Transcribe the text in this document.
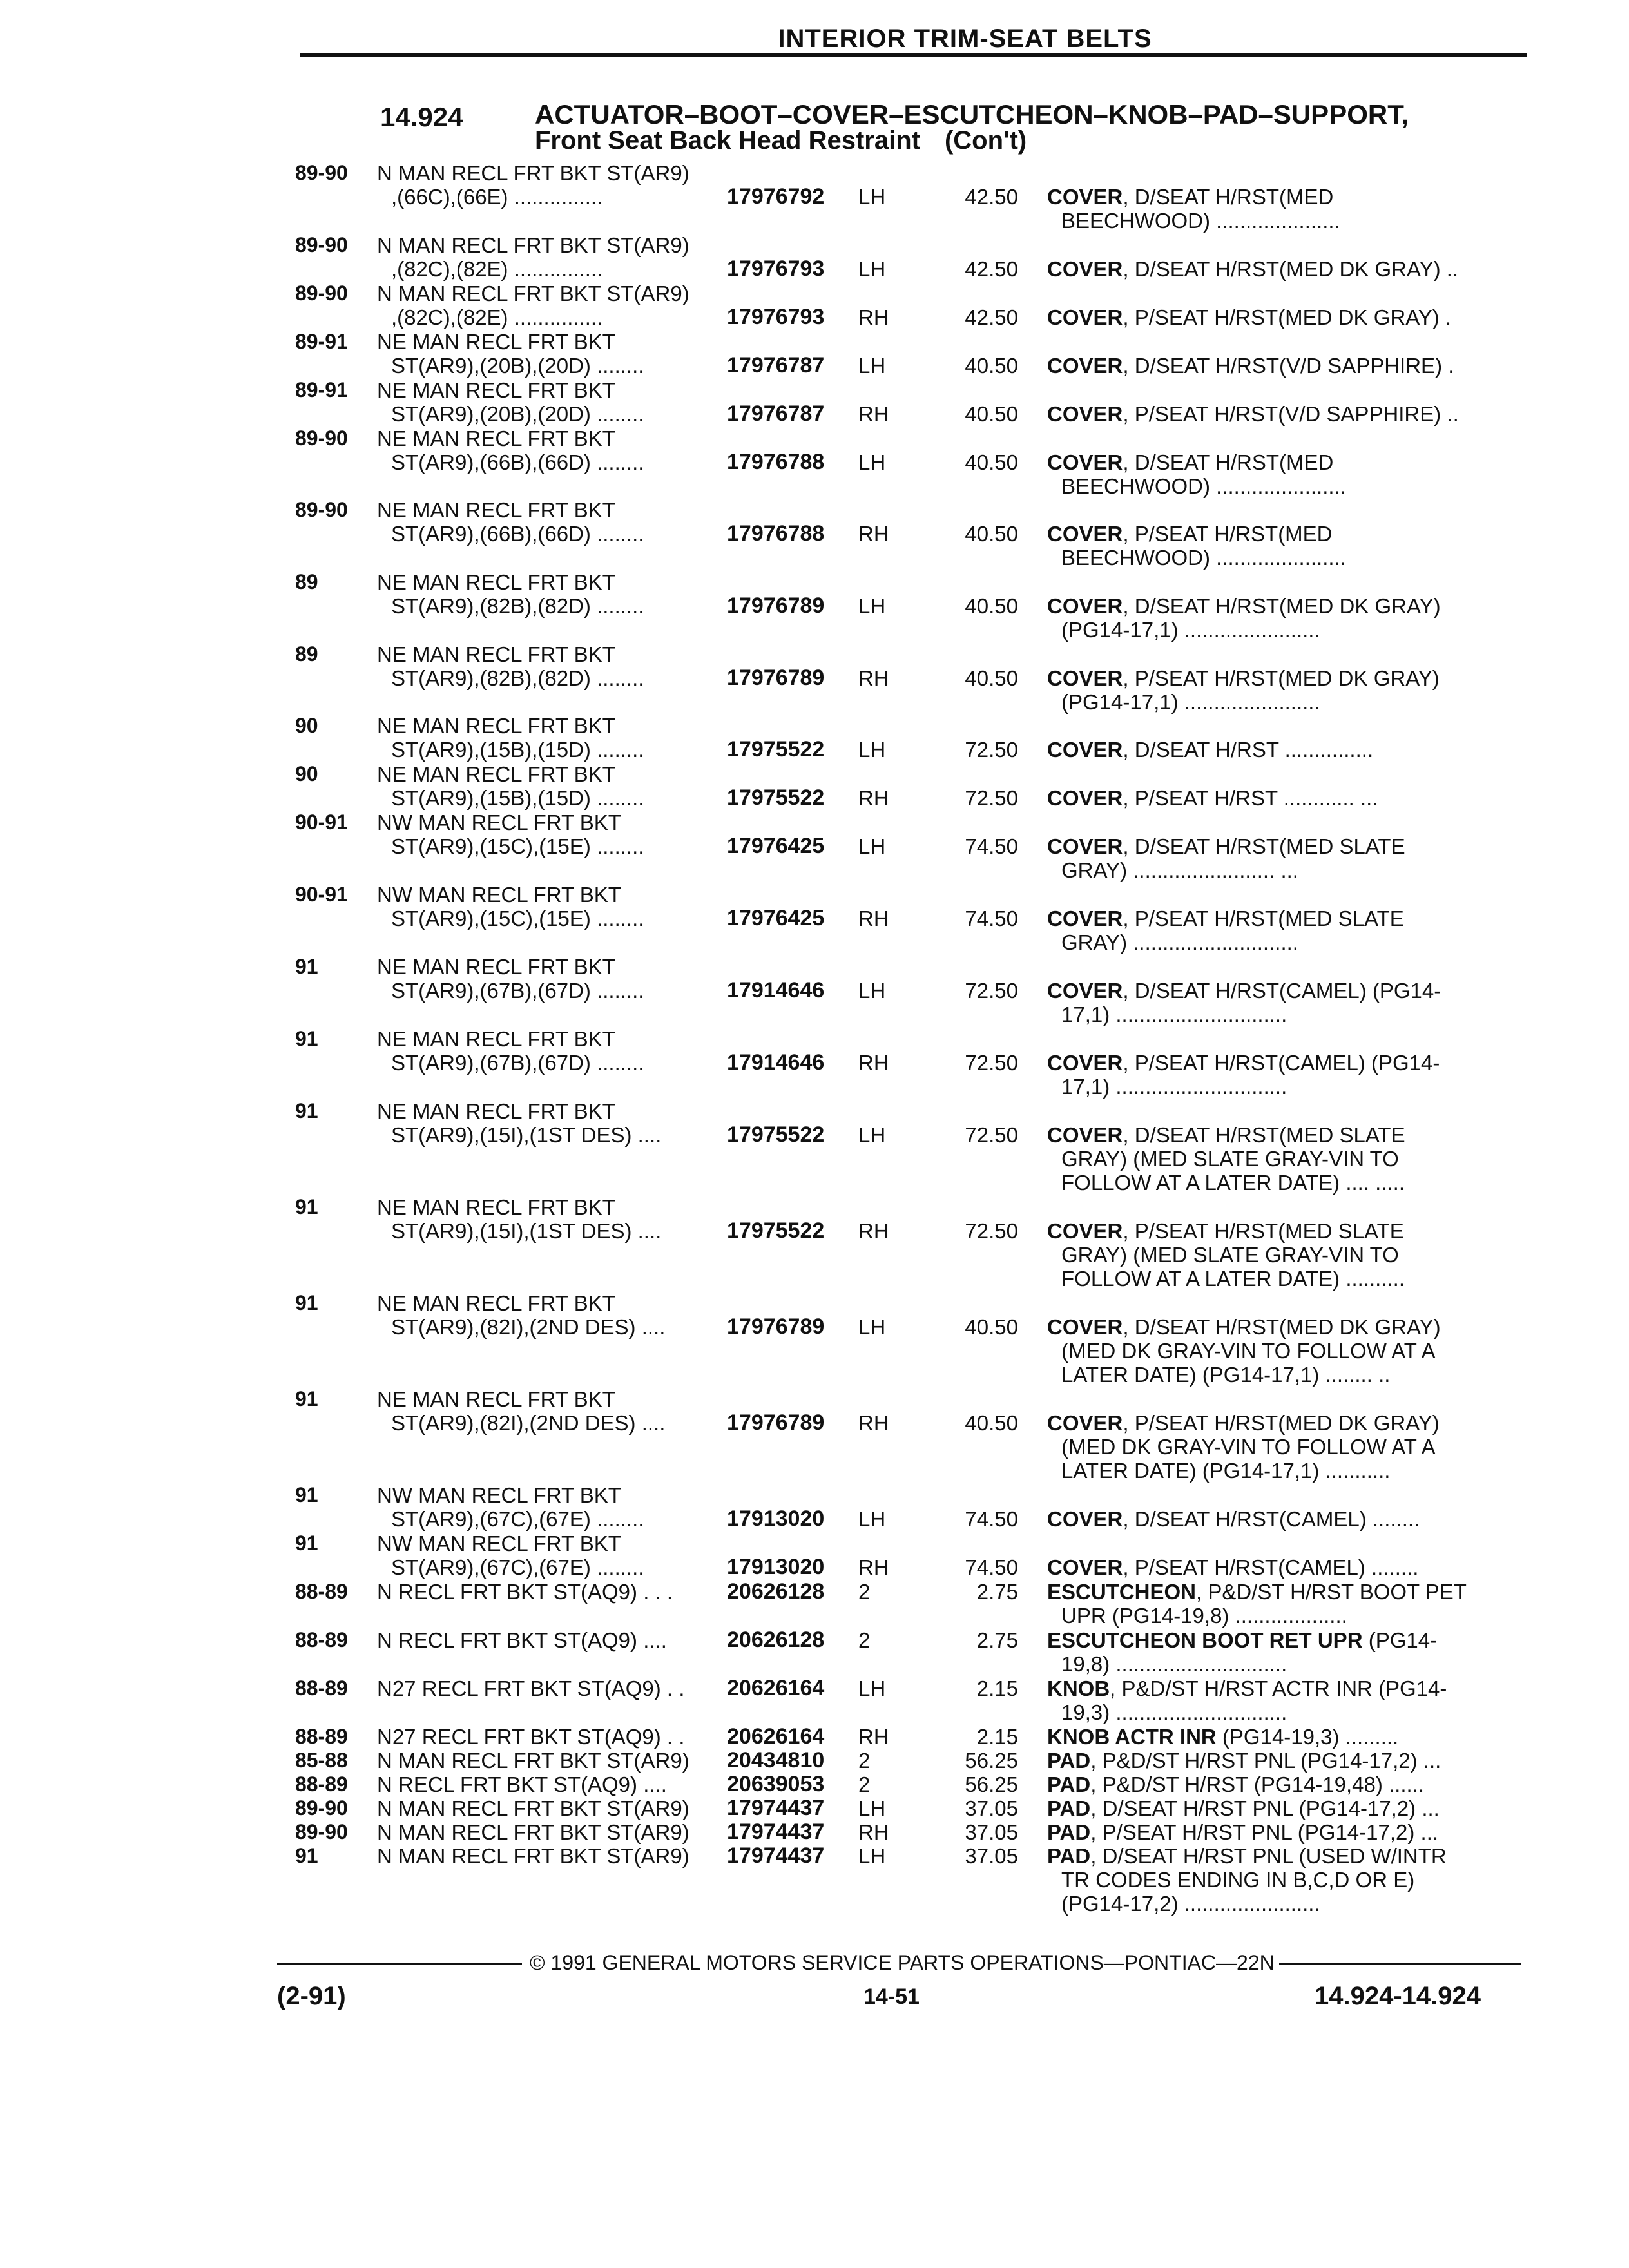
INTERIOR TRIM-SEAT BELTS
14.924	ACTUATOR–BOOT–COVER–ESCUTCHEON–KNOB–PAD–SUPPORT,
Front Seat Back Head Restraint (Con't)
89-90	N MAN RECL FRT BKT ST(AR9)
,(66C),(66E) ...............	17976792	LH	42.50 COVER, D/SEAT H/RST(MED
BEECHWOOD) .....................
89-90	N MAN RECL FRT BKT ST(AR9)
,(82C),(82E) ...............	17976793	LH	42.50 COVER, D/SEAT H/RST(MED DK GRAY) ..
89-90	N MAN RECL FRT BKT ST(AR9)
,(82C),(82E) ...............	17976793	RH	42.50 COVER, P/SEAT H/RST(MED DK GRAY) .
89-91	NE MAN RECL FRT BKT
ST(AR9),(20B),(20D) ........	17976787	LH	40.50 COVER, D/SEAT H/RST(V/D SAPPHIRE) .
89-91	NE MAN RECL FRT BKT
ST(AR9),(20B),(20D) ........	17976787	RH	40.50 COVER, P/SEAT H/RST(V/D SAPPHIRE) ..
89-90	NE MAN RECL FRT BKT
ST(AR9),(66B),(66D) ........	17976788	LH	40.50 COVER, D/SEAT H/RST(MED
BEECHWOOD) ......................
89-90	NE MAN RECL FRT BKT
ST(AR9),(66B),(66D) ........	17976788	RH	40.50 COVER, P/SEAT H/RST(MED
BEECHWOOD) ......................
89	NE MAN RECL FRT BKT
ST(AR9),(82B),(82D) ........	17976789	LH	40.50 COVER, D/SEAT H/RST(MED DK GRAY)
(PG14-17,1) .......................
89	NE MAN RECL FRT BKT
ST(AR9),(82B),(82D) ........	17976789	RH	40.50 COVER, P/SEAT H/RST(MED DK GRAY)
(PG14-17,1) .......................
90	NE MAN RECL FRT BKT
ST(AR9),(15B),(15D) ........	17975522	LH	72.50 COVER, D/SEAT H/RST ...............
90	NE MAN RECL FRT BKT
ST(AR9),(15B),(15D) ........	17975522	RH	72.50 COVER, P/SEAT H/RST ............ ...
90-91	NW MAN RECL FRT BKT
ST(AR9),(15C),(15E) ........	17976425	LH	74.50 COVER, D/SEAT H/RST(MED SLATE
GRAY) ........................ ...
90-91	NW MAN RECL FRT BKT
ST(AR9),(15C),(15E) ........	17976425	RH	74.50 COVER, P/SEAT H/RST(MED SLATE
GRAY) ............................
91	NE MAN RECL FRT BKT
ST(AR9),(67B),(67D) ........	17914646	LH	72.50 COVER, D/SEAT H/RST(CAMEL) (PG14-
17,1) .............................
91	NE MAN RECL FRT BKT
ST(AR9),(67B),(67D) ........	17914646	RH	72.50 COVER, P/SEAT H/RST(CAMEL) (PG14-
17,1) .............................
91	NE MAN RECL FRT BKT
ST(AR9),(15I),(1ST DES) ....	17975522	LH	72.50 COVER, D/SEAT H/RST(MED SLATE
GRAY) (MED SLATE GRAY-VIN TO
FOLLOW AT A LATER DATE) .... .....
91	NE MAN RECL FRT BKT
ST(AR9),(15I),(1ST DES) ....	17975522	RH	72.50 COVER, P/SEAT H/RST(MED SLATE
GRAY) (MED SLATE GRAY-VIN TO
FOLLOW AT A LATER DATE) ..........
91	NE MAN RECL FRT BKT
ST(AR9),(82I),(2ND DES) ....	17976789	LH	40.50 COVER, D/SEAT H/RST(MED DK GRAY)
(MED DK GRAY-VIN TO FOLLOW AT A
LATER DATE) (PG14-17,1) ........ ..
91	NE MAN RECL FRT BKT
ST(AR9),(82I),(2ND DES) ....	17976789	RH	40.50 COVER, P/SEAT H/RST(MED DK GRAY)
(MED DK GRAY-VIN TO FOLLOW AT A
LATER DATE) (PG14-17,1) ...........
91	NW MAN RECL FRT BKT
ST(AR9),(67C),(67E) ........	17913020	LH	74.50 COVER, D/SEAT H/RST(CAMEL) ........
91	NW MAN RECL FRT BKT
ST(AR9),(67C),(67E) ........	17913020	RH	74.50 COVER, P/SEAT H/RST(CAMEL) ........
88-89	N RECL FRT BKT ST(AQ9) . . .	20626128	2	2.75 ESCUTCHEON, P&D/ST H/RST BOOT PET
UPR (PG14-19,8) ...................
88-89	N RECL FRT BKT ST(AQ9) ....	20626128	2	2.75 ESCUTCHEON BOOT RET UPR (PG14-
19,8) .............................
88-89	N27 RECL FRT BKT ST(AQ9) . .	20626164	LH	2.15 KNOB, P&D/ST H/RST ACTR INR (PG14-
19,3) .............................
88-89	N27 RECL FRT BKT ST(AQ9) . .	20626164	RH	2.15 KNOB ACTR INR (PG14-19,3) .........
85-88	N MAN RECL FRT BKT ST(AR9)	20434810	2	56.25 PAD, P&D/ST H/RST PNL (PG14-17,2) ...
88-89	N RECL FRT BKT ST(AQ9) ....	20639053	2	56.25 PAD, P&D/ST H/RST (PG14-19,48) ......
89-90	N MAN RECL FRT BKT ST(AR9)	17974437	LH	37.05 PAD, D/SEAT H/RST PNL (PG14-17,2) ...
89-90	N MAN RECL FRT BKT ST(AR9)	17974437	RH	37.05 PAD, P/SEAT H/RST PNL (PG14-17,2) ...
91	N MAN RECL FRT BKT ST(AR9)	17974437	LH	37.05 PAD, D/SEAT H/RST PNL (USED W/INTR
TR CODES ENDING IN B,C,D OR E)
(PG14-17,2) .......................
© 1991 GENERAL MOTORS SERVICE PARTS OPERATIONS—PONTIAC—22N
(2-91)	14-51	14.924-14.924
